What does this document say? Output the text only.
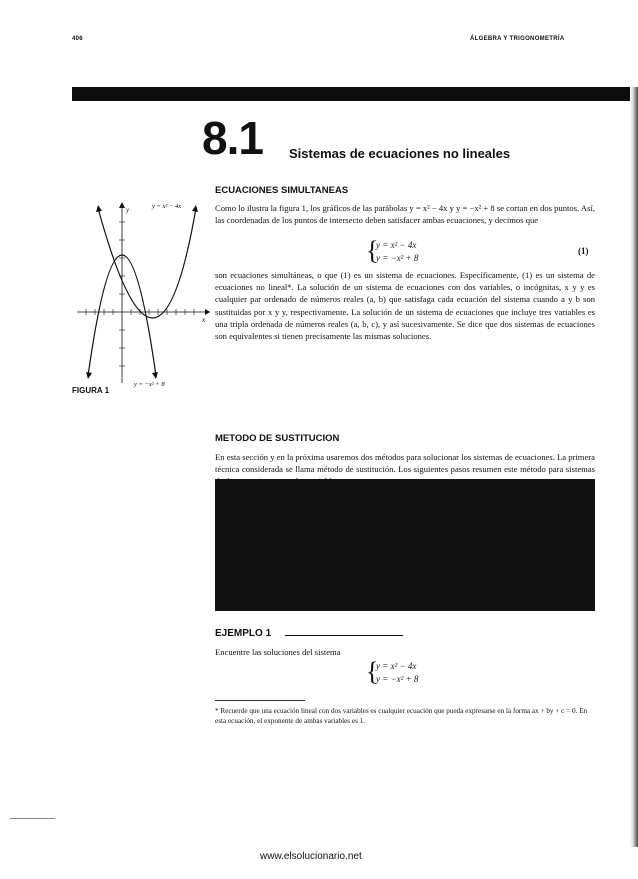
406	ÁLGEBRA Y TRIGONOMETRÍA
8.1 Sistemas de ecuaciones no lineales
y
x
y = x² − 4x
y = −x² + 8
FIGURA 1
ECUACIONES SIMULTANEAS
Como lo ilustra la figura 1, los gráficos de las parábolas y = x² − 4x y y = −x² + 8 se cortan en dos puntos. Así, las coordenadas de los puntos de intersecto deben satisfacer ambas ecuaciones, y decimos que
{
y = x² − 4x
y = −x² + 8
(1)
son ecuaciones simultáneas, o que (1) es un sistema de ecuaciones. Específicamente, (1) es un sistema de ecuaciones no lineal*. La solución de un sistema de ecuaciones con dos variables, o incógnitas, x y y es cualquier par ordenado de números reales (a, b) que satisfaga cada ecuación del sistema cuando a y b son sustituidas por x y y, respectivamente. La solución de un sistema de ecuaciones que incluye tres variables es una tripla ordenada de números reales (a, b, c), y así sucesivamente. Se dice que dos sistemas de ecuaciones son equivalentes si tienen precisamente las mismas soluciones.
METODO DE SUSTITUCION
En esta sección y en la próxima usaremos dos métodos para solucionar los sistemas de ecuaciones. La primera técnica considerada se llama método de sustitución. Los siguientes pasos resumen este método para sistemas
EJEMPLO 1
Encuentre las soluciones del sistema
{
y = x² − 4x
y = −x² + 8
* Recuerde que una ecuación lineal con dos variables es cualquier ecuación que pueda expresarse en la forma ax + by + c = 0. En esta ecuación, el exponente de ambas variables es 1.
www.elsolucionario.net
